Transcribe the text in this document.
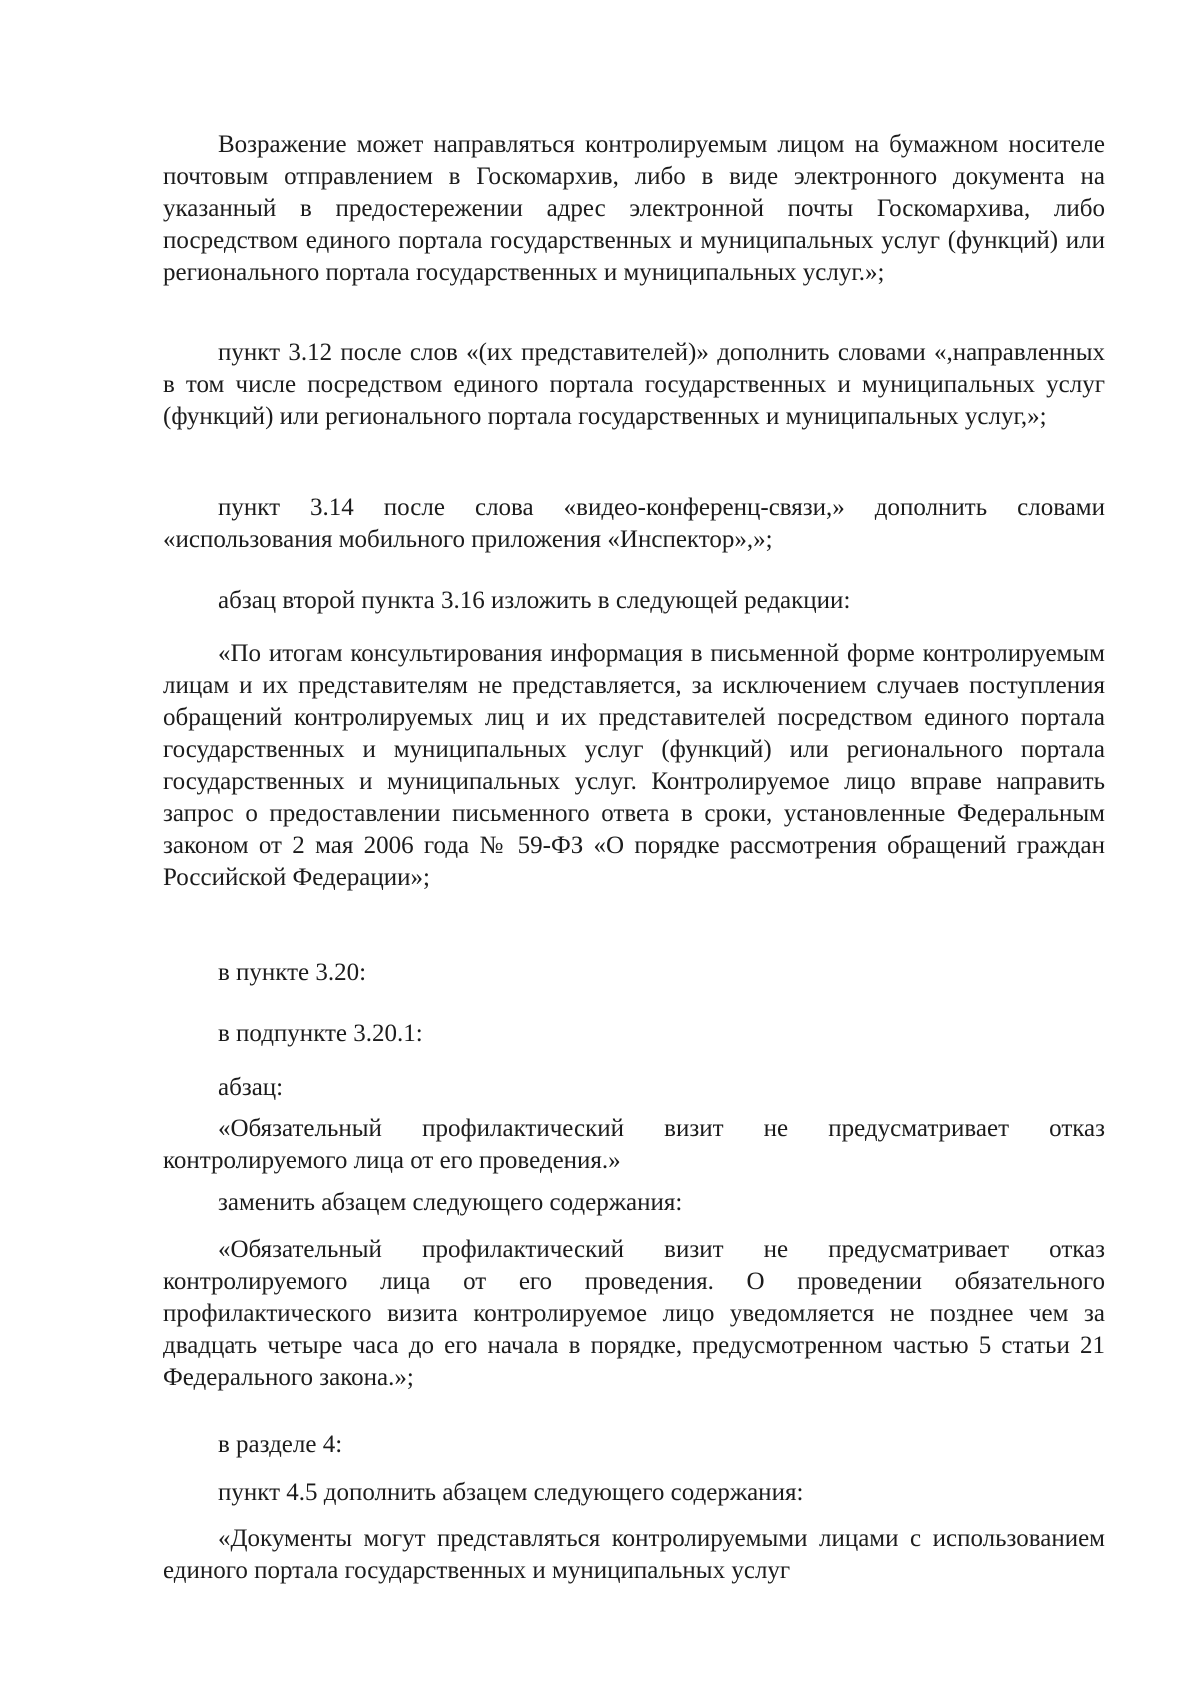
Возражение может направляться контролируемым лицом на бумажном носителе почтовым отправлением в Госкомархив, либо в виде электронного документа на указанный в предостережении адрес электронной почты Госкомархива, либо посредством единого портала государственных и муниципальных услуг (функций) или регионального портала государственных и муниципальных услуг.»;

пункт 3.12 после слов «(их представителей)» дополнить словами «,направленных в том числе посредством единого портала государственных и муниципальных услуг (функций) или регионального портала государственных и муниципальных услуг,»;

пункт 3.14 после слова «видео-конференц-связи,» дополнить словами «использования мобильного приложения «Инспектор»,»;

абзац второй пункта 3.16 изложить в следующей редакции:

«По итогам консультирования информация в письменной форме контролируемым лицам и их представителям не представляется, за исключением случаев поступления обращений контролируемых лиц и их представителей посредством единого портала государственных и муниципальных услуг (функций) или регионального портала государственных и муниципальных услуг. Контролируемое лицо вправе направить запрос о предоставлении письменного ответа в сроки, установленные Федеральным законом от 2 мая 2006 года № 59-ФЗ «О порядке рассмотрения обращений граждан Российской Федерации»;

в пункте 3.20:

в подпункте 3.20.1:

абзац:

«Обязательный профилактический визит не предусматривает отказ контролируемого лица от его проведения.»

заменить абзацем следующего содержания:

«Обязательный профилактический визит не предусматривает отказ контролируемого лица от его проведения. О проведении обязательного профилактического визита контролируемое лицо уведомляется не позднее чем за двадцать четыре часа до его начала в порядке, предусмотренном частью 5 статьи 21 Федерального закона.»;

в разделе 4:

пункт 4.5 дополнить абзацем следующего содержания:

«Документы могут представляться контролируемыми лицами с использованием единого портала государственных и муниципальных услуг
